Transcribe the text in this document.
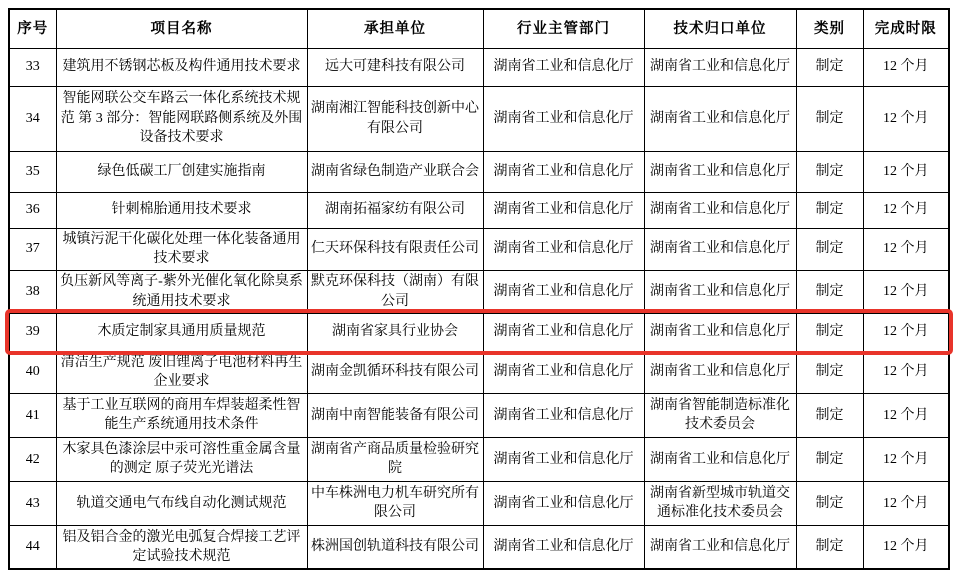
序号	项目名称	承担单位	行业主管部门	技术归口单位	类别	完成时限
33	建筑用不锈钢芯板及构件通用技术要求	远大可建科技有限公司	湖南省工业和信息化厅	湖南省工业和信息化厅	制定	12 个月
34	智能网联公交车路云一体化系统技术规范 第 3 部分：智能网联路侧系统及外围设备技术要求	湖南湘江智能科技创新中心有限公司	湖南省工业和信息化厅	湖南省工业和信息化厅	制定	12 个月
35	绿色低碳工厂创建实施指南	湖南省绿色制造产业联合会	湖南省工业和信息化厅	湖南省工业和信息化厅	制定	12 个月
36	针刺棉胎通用技术要求	湖南拓福家纺有限公司	湖南省工业和信息化厅	湖南省工业和信息化厅	制定	12 个月
37	城镇污泥干化碳化处理一体化装备通用技术要求	仁天环保科技有限责任公司	湖南省工业和信息化厅	湖南省工业和信息化厅	制定	12 个月
38	负压新风等离子-紫外光催化氧化除臭系统通用技术要求	默克环保科技（湖南）有限公司	湖南省工业和信息化厅	湖南省工业和信息化厅	制定	12 个月
39	木质定制家具通用质量规范	湖南省家具行业协会	湖南省工业和信息化厅	湖南省工业和信息化厅	制定	12 个月
40	清洁生产规范 废旧锂离子电池材料再生企业要求	湖南金凯循环科技有限公司	湖南省工业和信息化厅	湖南省工业和信息化厅	制定	12 个月
41	基于工业互联网的商用车焊装超柔性智能生产系统通用技术条件	湖南中南智能装备有限公司	湖南省工业和信息化厅	湖南省智能制造标准化技术委员会	制定	12 个月
42	木家具色漆涂层中汞可溶性重金属含量的测定 原子荧光光谱法	湖南省产商品质量检验研究院	湖南省工业和信息化厅	湖南省工业和信息化厅	制定	12 个月
43	轨道交通电气布线自动化测试规范	中车株洲电力机车研究所有限公司	湖南省工业和信息化厅	湖南省新型城市轨道交通标准化技术委员会	制定	12 个月
44	铝及铝合金的激光电弧复合焊接工艺评定试验技术规范	株洲国创轨道科技有限公司	湖南省工业和信息化厅	湖南省工业和信息化厅	制定	12 个月
